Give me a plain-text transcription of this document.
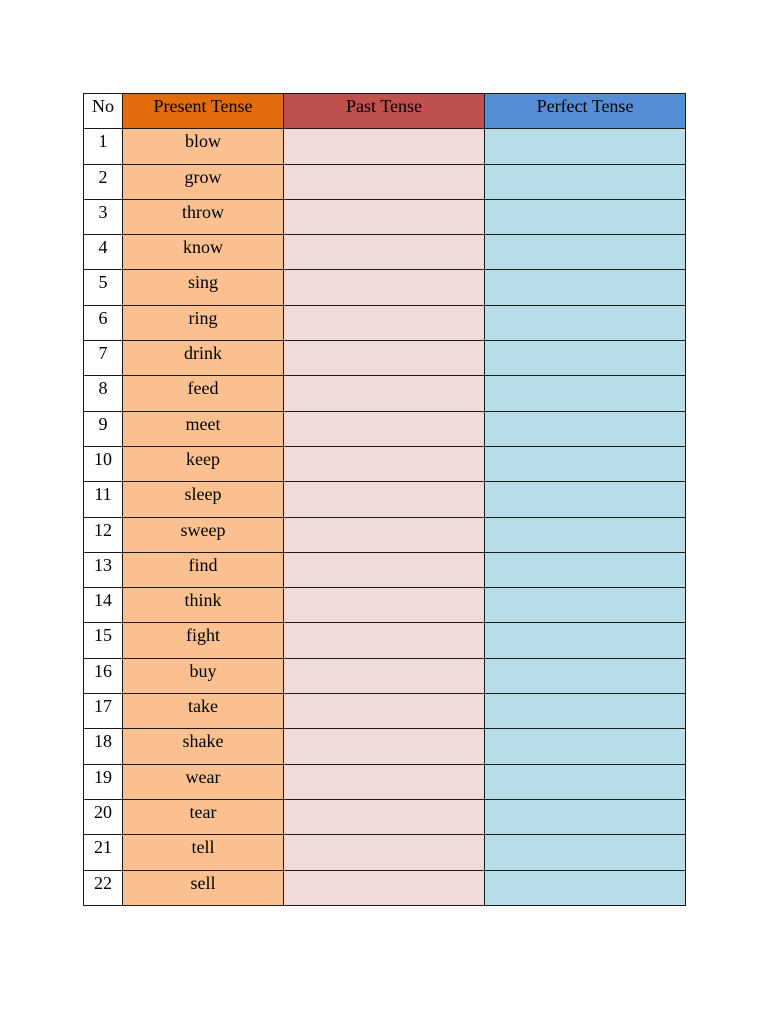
No	Present Tense	Past Tense	Perfect Tense
1	blow		
2	grow		
3	throw		
4	know		
5	sing		
6	ring		
7	drink		
8	feed		
9	meet		
10	keep		
11	sleep		
12	sweep		
13	find		
14	think		
15	fight		
16	buy		
17	take		
18	shake		
19	wear		
20	tear		
21	tell		
22	sell		
